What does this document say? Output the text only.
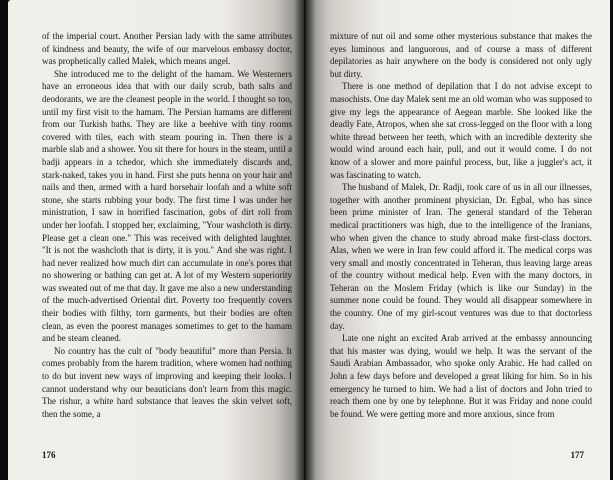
of the imperial court. Another Persian lady with the same attributes of kindness and beauty, the wife of our marvelous embassy doctor, was prophetically called Malek, which means angel.

She introduced me to the delight of the hamam. We Westerners have an erroneous idea that with our daily scrub, bath salts and deodorants, we are the cleanest people in the world. I thought so too, until my first visit to the hamam. The Persian hamams are different from our Turkish baths. They are like a beehive with tiny rooms covered with tiles, each with steam pouring in. Then there is a marble slab and a shower. You sit there for hours in the steam, until a badji appears in a tchedor, which she immediately discards and, stark-naked, takes you in hand. First she puts henna on your hair and nails and then, armed with a hard horsehair loofah and a white soft stone, she starts rubbing your body. The first time I was under her ministration, I saw in horrified fascination, gobs of dirt roll from under her loofah. I stopped her, exclaiming, "Your washcloth is dirty. Please get a clean one." This was received with delighted laughter. "It is not the washcloth that is dirty, it is you." And she was right. I had never realized how much dirt can accumulate in one's pores that no showering or bathing can get at. A lot of my Western superiority was sweated out of me that day. It gave me also a new understanding of the much-advertised Oriental dirt. Poverty too frequently covers their bodies with filthy, torn garments, but their bodies are often clean, as even the poorest manages sometimes to get to the hamam and be steam cleaned.

No country has the cult of "body beautiful" more than Persia. It comes probably from the harem tradition, where women had nothing to do but invent new ways of improving and keeping their looks. I cannot understand why our beauticians don't learn from this magic. The rishur, a white hard substance that leaves the skin velvet soft, then the some, a

176

mixture of nut oil and some other mysterious substance that makes the eyes luminous and languorous, and of course a mass of different depilatories as hair anywhere on the body is considered not only ugly but dirty.

There is one method of depilation that I do not advise except to masochists. One day Malek sent me an old woman who was supposed to give my legs the appearance of Aegean marble. She looked like the deadly Fate, Atropos, when she sat cross-legged on the floor with a long white thread between her teeth, which with an incredible dexterity she would wind around each hair, pull, and out it would come. I do not know of a slower and more painful process, but, like a juggler's act, it was fascinating to watch.

The husband of Malek, Dr. Radji, took care of us in all our illnesses, together with another prominent physician, Dr. Egbal, who has since been prime minister of Iran. The general standard of the Teheran medical practitioners was high, due to the intelligence of the Iranians, who when given the chance to study abroad make first-class doctors. Alas, when we were in Iran few could afford it. The medical corps was very small and mostly concentrated in Teheran, thus leaving large areas of the country without medical help. Even with the many doctors, in Teheran on the Moslem Friday (which is like our Sunday) in the summer none could be found. They would all disappear somewhere in the country. One of my girl-scout ventures was due to that doctorless day.

Late one night an excited Arab arrived at the embassy announcing that his master was dying, would we help. It was the servant of the Saudi Arabian Ambassador, who spoke only Arabic. He had called on John a few days before and developed a great liking for him. So in his emergency he turned to him. We had a list of doctors and John tried to reach them one by one by telephone. But it was Friday and none could be found. We were getting more and more anxious, since from

177
